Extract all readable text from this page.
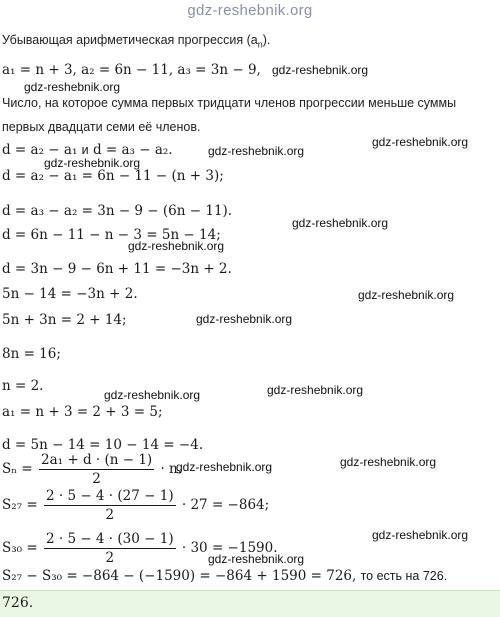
gdz-reshebnik.org
Убывающая арифметическая прогрессия $(a_n)$.
a₁ = n + 3, a₂ = 6n − 11, a₃ = 3n − 9,
Число, на которое сумма первых тридцати членов прогрессии меньше суммы
первых двадцати семи её членов.
d = a₂ − a₁ и d = a₃ − a₂.
d = a₂ − a₁ = 6n − 11 − (n + 3);
d = a₃ − a₂ = 3n − 9 − (6n − 11).
d = 6n − 11 − n − 3 = 5n − 14;
d = 3n − 9 − 6n + 11 = −3n + 2.
5n − 14 = −3n + 2.
5n + 3n = 2 + 14;
8n = 16;
n = 2.
a₁ = n + 3 = 2 + 3 = 5;
d = 5n − 14 = 10 − 14 = −4.
$S_n = \frac{\text{2a₁ + d · (n − 1)}}{2} \cdot n$.
$S_{27} = \frac{2 \cdot 5 - 4 \cdot (27 - 1)}{2} \cdot 27 = -864$;
$S_{30} = \frac{2 \cdot 5 - 4 \cdot (30 - 1)}{2} \cdot 30 = -1590$.
S₂₇ − S₃₀ = −864 − (−1590) = −864 + 1590 = 726, то есть на 726.
726.
gdz-reshebnik.org
gdz-reshebnik.org
gdz-reshebnik.org
gdz-reshebnik.org
gdz-reshebnik.org
gdz-reshebnik.org
gdz-reshebnik.org
gdz-reshebnik.org
gdz-reshebnik.org
gdz-reshebnik.org
gdz-reshebnik.org
gdz-reshebnik.org
gdz-reshebnik.org
gdz-reshebnik.org
gdz-reshebnik.org
